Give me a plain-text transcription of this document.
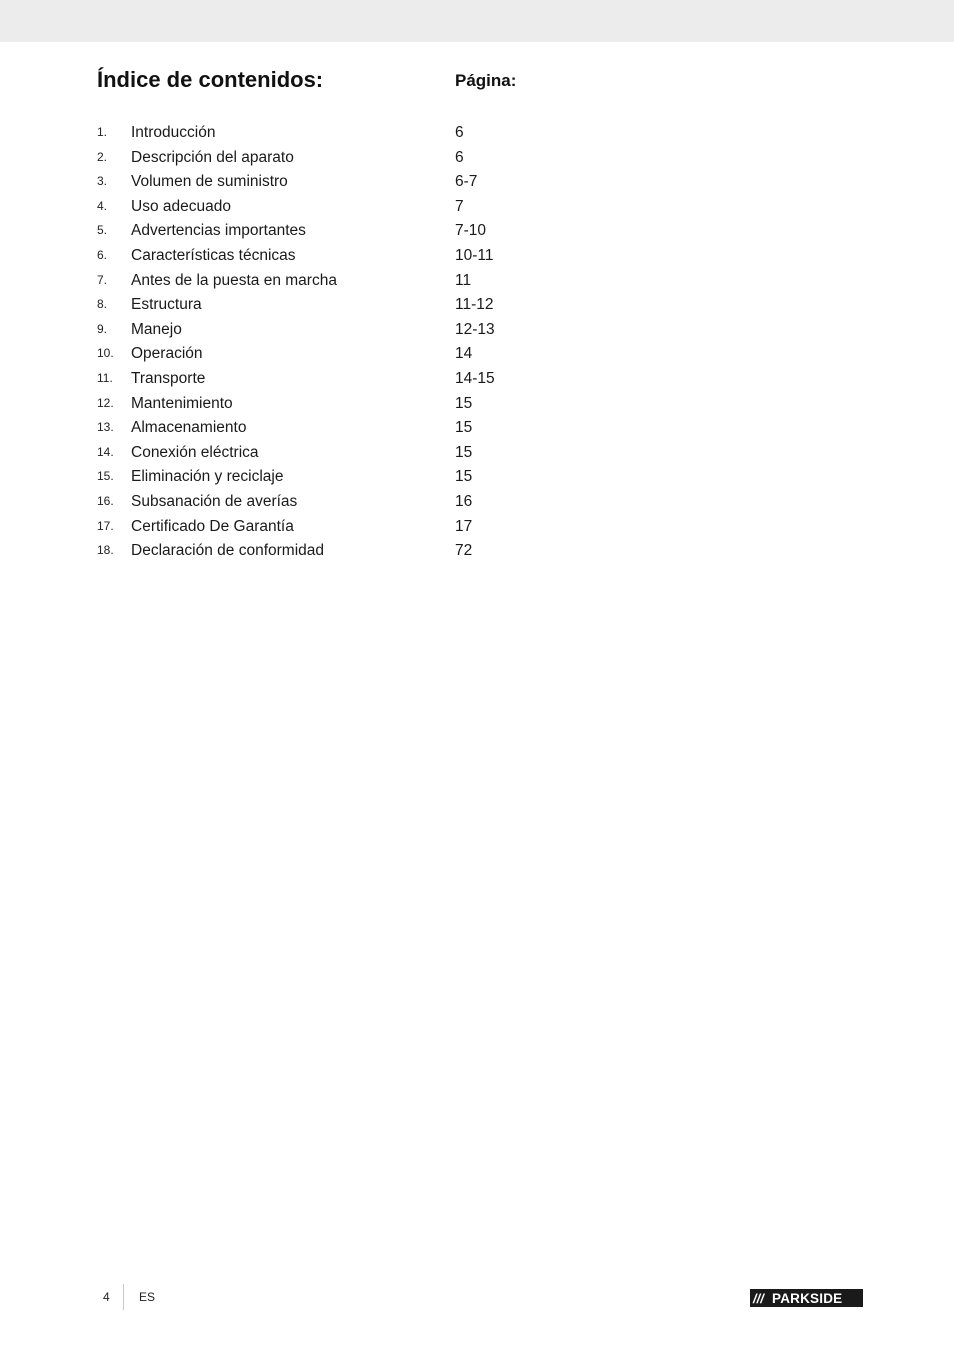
Índice de contenidos:	Página:
1. Introducción	6
2. Descripción del aparato	6
3. Volumen de suministro	6-7
4. Uso adecuado	7
5. Advertencias importantes	7-10
6. Características técnicas	10-11
7. Antes de la puesta en marcha	11
8. Estructura	11-12
9. Manejo	12-13
10. Operación	14
11. Transporte	14-15
12. Mantenimiento	15
13. Almacenamiento	15
14. Conexión eléctrica	15
15. Eliminación y reciclaje	15
16. Subsanación de averías	16
17. Certificado De Garantía	17
18. Declaración de conformidad	72
4 ES	/// PARKSIDE
